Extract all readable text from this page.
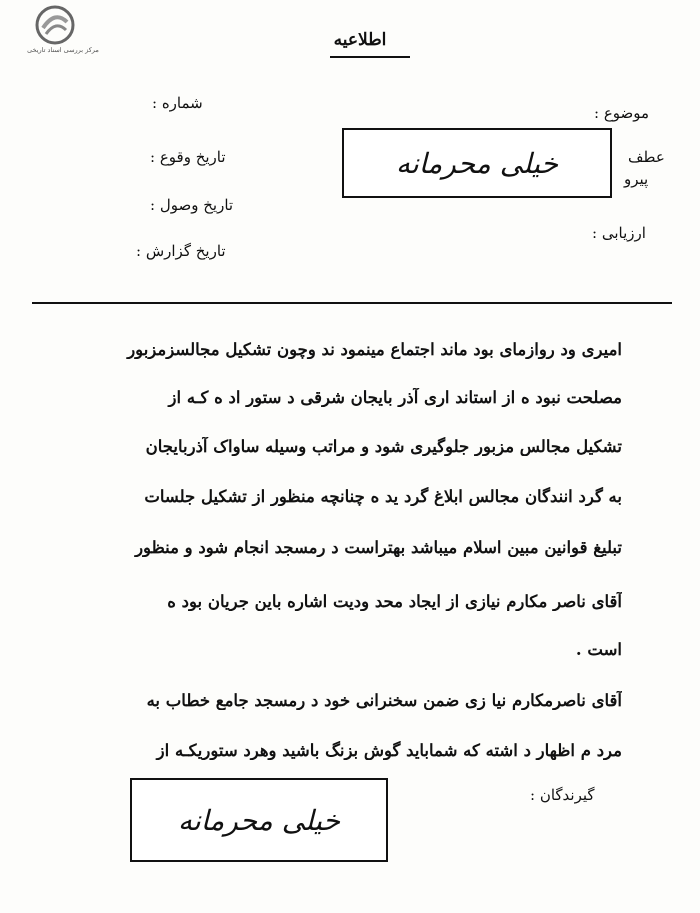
مرکز بررسی اسناد تاریخی	اطلاعیه
شماره :
تاریخ وقوع :
تاریخ وصول :
تاریخ گزارش :
موضوع :
عطف
پیرو
ارزیابی :
خیلی محرمانه
امیری ود روازمای بود ماند اجتماع مینمود ند وچون تشکیل مجالسزمزبور
مصلحت نبود ه از استاند اری آذر بایجان شرقی د ستور اد ه کـه از
تشکیل مجالس مزبور جلوگیری شود و مراتب وسیله ساواک آذربایجان
به گرد انندگان مجالس ابلاغ گرد ید ه چنانچه منظور از تشکیل جلسات
تبلیغ قوانین مبین اسلام میباشد بهتراست د رمسجد انجام شود و منظور
آقای ناصر مکارم نیازی از ایجاد محد ودیت اشاره باین جریان بود ه
است .
آقای ناصرمکارم نیا زی ضمن سخنرانی خود د رمسجد جامع خطاب به
مرد م اظهار د اشته که شماباید گوش بزنگ باشید وهرد ستوریکـه از
گیرندگان :
خیلی محرمانه
